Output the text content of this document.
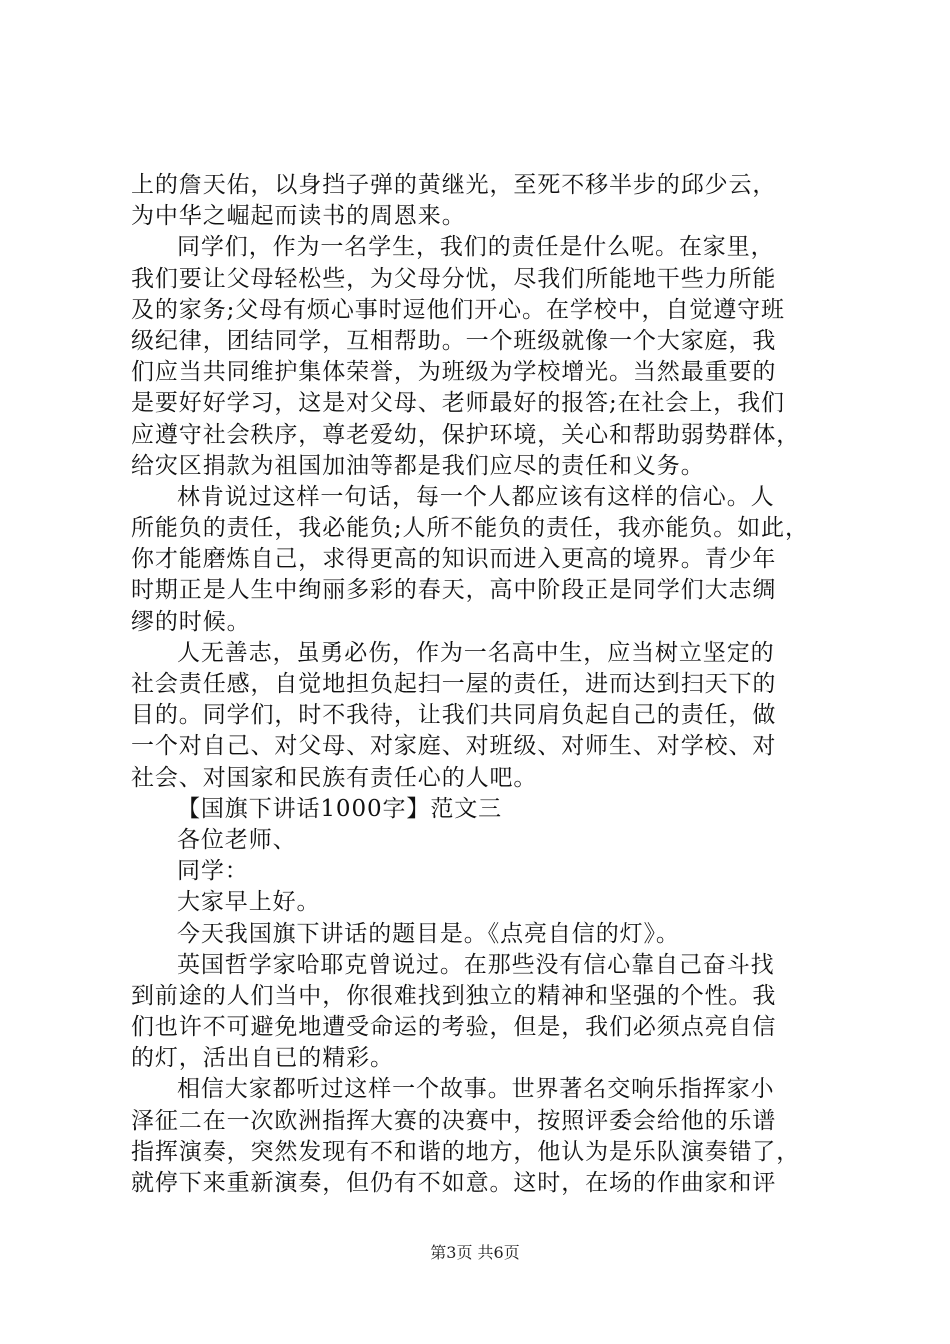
上的詹天佑，以身挡子弹的黄继光，至死不移半步的邱少云，
为中华之崛起而读书的周恩来。
同学们，作为一名学生，我们的责任是什么呢。在家里，
我们要让父母轻松些，为父母分忧，尽我们所能地干些力所能
及的家务;父母有烦心事时逗他们开心。在学校中，自觉遵守班
级纪律，团结同学，互相帮助。一个班级就像一个大家庭，我
们应当共同维护集体荣誉，为班级为学校增光。当然最重要的
是要好好学习，这是对父母、老师最好的报答;在社会上，我们
应遵守社会秩序，尊老爱幼，保护环境，关心和帮助弱势群体，
给灾区捐款为祖国加油等都是我们应尽的责任和义务。
林肯说过这样一句话，每一个人都应该有这样的信心。人
所能负的责任，我必能负;人所不能负的责任，我亦能负。如此，
你才能磨炼自己，求得更高的知识而进入更高的境界。青少年
时期正是人生中绚丽多彩的春天，高中阶段正是同学们大志绸
缪的时候。
人无善志，虽勇必伤，作为一名高中生，应当树立坚定的
社会责任感，自觉地担负起扫一屋的责任，进而达到扫天下的
目的。同学们，时不我待，让我们共同肩负起自己的责任，做
一个对自己、对父母、对家庭、对班级、对师生、对学校、对
社会、对国家和民族有责任心的人吧。
【国旗下讲话1000字】范文三
各位老师、
同学：
大家早上好。
今天我国旗下讲话的题目是。《点亮自信的灯》。
英国哲学家哈耶克曾说过。在那些没有信心靠自己奋斗找
到前途的人们当中，你很难找到独立的精神和坚强的个性。我
们也许不可避免地遭受命运的考验，但是，我们必须点亮自信
的灯，活出自已的精彩。
相信大家都听过这样一个故事。世界著名交响乐指挥家小
泽征二在一次欧洲指挥大赛的决赛中，按照评委会给他的乐谱
指挥演奏，突然发现有不和谐的地方，他认为是乐队演奏错了，
就停下来重新演奏，但仍有不如意。这时，在场的作曲家和评
第3页 共6页
